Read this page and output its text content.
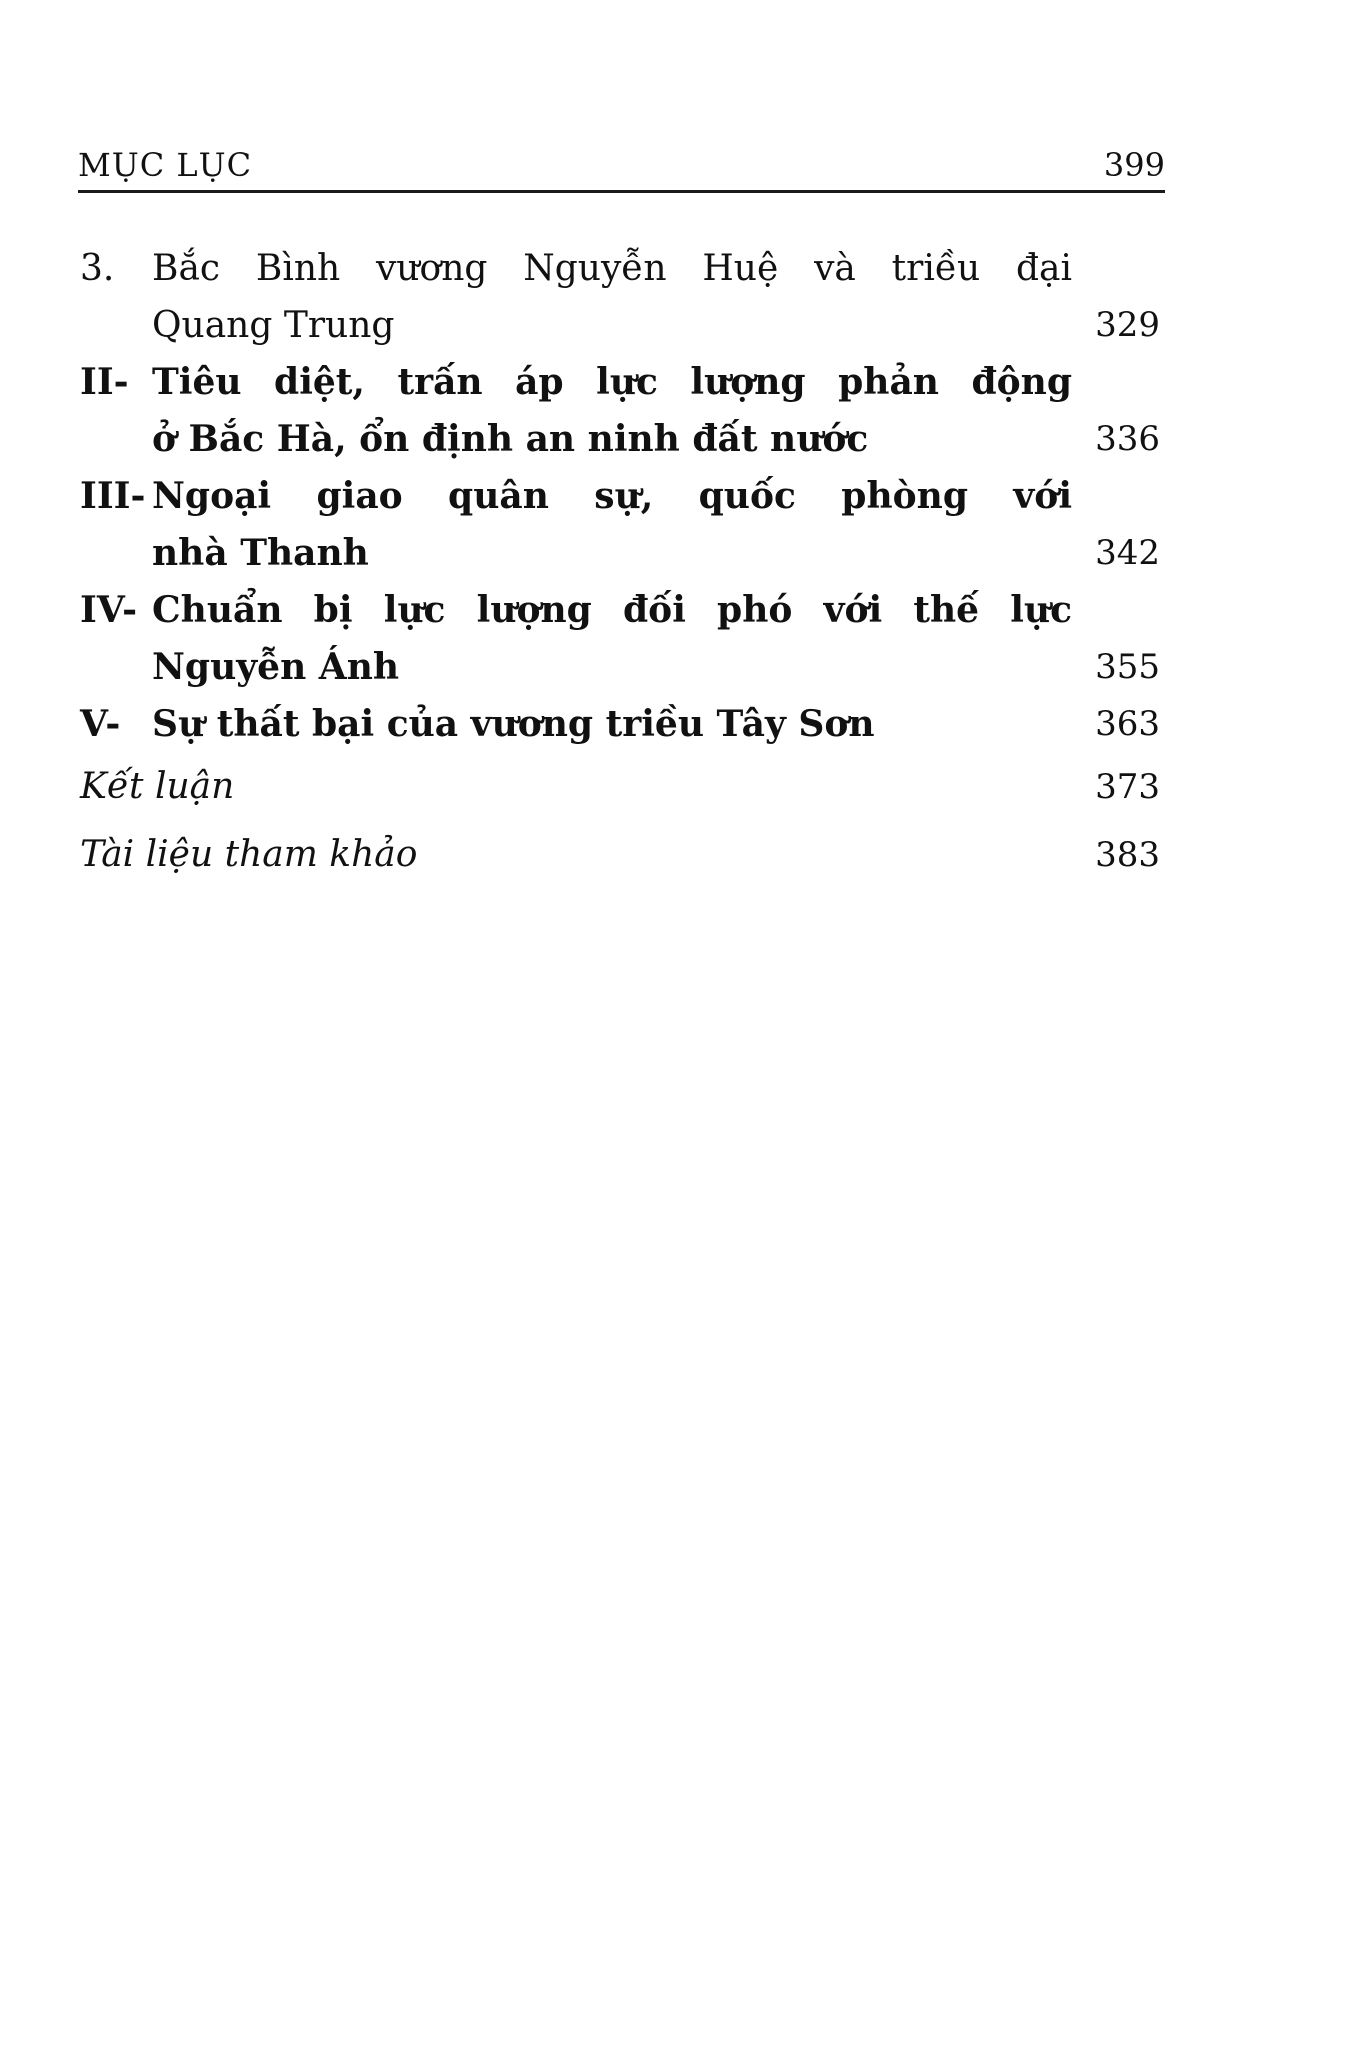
MỤC LỤC	399
3. Bắc Bình vương Nguyễn Huệ và triều đại
Quang Trung	329
II- Tiêu diệt, trấn áp lực lượng phản động
ở Bắc Hà, ổn định an ninh đất nước	336
III- Ngoại giao quân sự, quốc phòng với
nhà Thanh	342
IV- Chuẩn bị lực lượng đối phó với thế lực
Nguyễn Ánh	355
V- Sự thất bại của vương triều Tây Sơn	363
Kết luận	373
Tài liệu tham khảo	383
